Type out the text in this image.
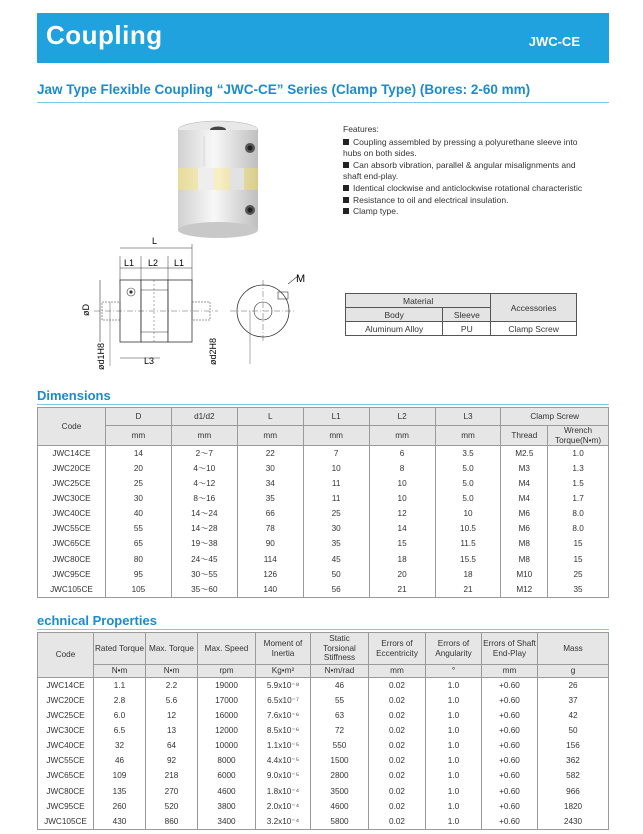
Coupling	JWC-CE
Jaw Type Flexible Coupling “JWC-CE” Series (Clamp Type) (Bores: 2-60 mm)
Features:
Coupling assembled by pressing a polyurethane sleeve into hubs on both sides.
Can absorb vibration, parallel & angular misalignments and shaft end-play.
Identical clockwise and anticlockwise rotational characteristic
Resistance to oil and electrical insulation.
Clamp type.
L
L1 L2 L1
øD
ød1H8	L3
M
ød2H8
Material		Accessories
Body	Sleeve	
Aluminum Alloy	PU	Clamp Screw
Dimensions
Code	D	d1/d2	L	L1	L2	L3	Clamp Screw	
	mm	mm	mm	mm	mm	mm	Thread	Wrench Torque(N•m)
JWC14CE	14	2～7	22	7	6	3.5	M2.5	1.0
JWC20CE	20	4～10	30	10	8	5.0	M3	1.3
JWC25CE	25	4～12	34	11	10	5.0	M4	1.5
JWC30CE	30	8～16	35	11	10	5.0	M4	1.7
JWC40CE	40	14～24	66	25	12	10	M6	8.0
JWC55CE	55	14～28	78	30	14	10.5	M6	8.0
JWC65CE	65	19～38	90	35	15	11.5	M8	15
JWC80CE	80	24～45	114	45	18	15.5	M8	15
JWC95CE	95	30～55	126	50	20	18	M10	25
JWC105CE	105	35～60	140	56	21	21	M12	35
echnical Properties
Code	Rated Torque	Max. Torque	Max. Speed	Moment of Inertia	Static Torsional Stiffness	Errors of Eccentricity	Errors of Angularity	Errors of Shaft End-Play	Mass
	N•m	N•m	rpm	Kg•m²	N•m/rad	mm	°	mm	g
JWC14CE	1.1	2.2	19000	5.9x10⁻⁸	46	0.02	1.0	+0.60	26
JWC20CE	2.8	5.6	17000	6.5x10⁻⁷	55	0.02	1.0	+0.60	37
JWC25CE	6.0	12	16000	7.6x10⁻⁶	63	0.02	1.0	+0.60	42
JWC30CE	6.5	13	12000	8.5x10⁻⁶	72	0.02	1.0	+0.60	50
JWC40CE	32	64	10000	1.1x10⁻⁵	550	0.02	1.0	+0.60	156
JWC55CE	46	92	8000	4.4x10⁻⁵	1500	0.02	1.0	+0.60	362
JWC65CE	109	218	6000	9.0x10⁻⁵	2800	0.02	1.0	+0.60	582
JWC80CE	135	270	4600	1.8x10⁻⁴	3500	0.02	1.0	+0.60	966
JWC95CE	260	520	3800	2.0x10⁻⁴	4600	0.02	1.0	+0.60	1820
JWC105CE	430	860	3400	3.2x10⁻⁴	5800	0.02	1.0	+0.60	2430
